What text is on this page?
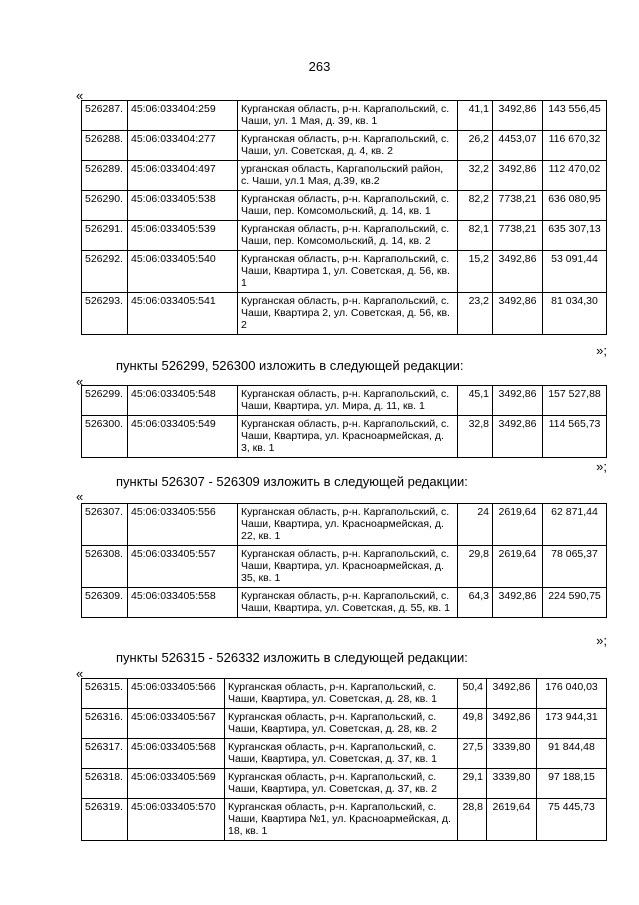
263
«
526287.	45:06:033404:259	Курганская область, р-н. Каргапольский, с. Чаши, ул. 1 Мая, д. 39, кв. 1	41,1	3492,86	143 556,45
526288.	45:06:033404:277	Курганская область, р-н. Каргапольский, с. Чаши, ул. Советская, д. 4, кв. 2	26,2	4453,07	116 670,32
526289.	45:06:033404:497	урганская область, Каргапольский район, с. Чаши, ул.1 Мая, д.39, кв.2	32,2	3492,86	112 470,02
526290.	45:06:033405:538	Курганская область, р-н. Каргапольский, с. Чаши, пер. Комсомольский, д. 14, кв. 1	82,2	7738,21	636 080,95
526291.	45:06:033405:539	Курганская область, р-н. Каргапольский, с. Чаши, пер. Комсомольский, д. 14, кв. 2	82,1	7738,21	635 307,13
526292.	45:06:033405:540	Курганская область, р-н. Каргапольский, с. Чаши, Квартира 1, ул. Советская, д. 56, кв. 1	15,2	3492,86	53 091,44
526293.	45:06:033405:541	Курганская область, р-н. Каргапольский, с. Чаши, Квартира 2, ул. Советская, д. 56, кв. 2	23,2	3492,86	81 034,30
»;
пункты 526299, 526300 изложить в следующей редакции:
«
526299.	45:06:033405:548	Курганская область, р-н. Каргапольский, с. Чаши, Квартира, ул. Мира, д. 11, кв. 1	45,1	3492,86	157 527,88
526300.	45:06:033405:549	Курганская область, р-н. Каргапольский, с. Чаши, Квартира, ул. Красноармейская, д. 3, кв. 1	32,8	3492,86	114 565,73
»;
пункты 526307 - 526309 изложить в следующей редакции:
«
526307.	45:06:033405:556	Курганская область, р-н. Каргапольский, с. Чаши, Квартира, ул. Красноармейская, д. 22, кв. 1	24	2619,64	62 871,44
526308.	45:06:033405:557	Курганская область, р-н. Каргапольский, с. Чаши, Квартира, ул. Красноармейская, д. 35, кв. 1	29,8	2619,64	78 065,37
526309.	45:06:033405:558	Курганская область, р-н. Каргапольский, с. Чаши, Квартира, ул. Советская, д. 55, кв. 1	64,3	3492,86	224 590,75
»;
пункты 526315 - 526332 изложить в следующей редакции:
«
526315.	45:06:033405:566	Курганская область, р-н. Каргапольский, с. Чаши, Квартира, ул. Советская, д. 28, кв. 1	50,4	3492,86	176 040,03
526316.	45:06:033405:567	Курганская область, р-н. Каргапольский, с. Чаши, Квартира, ул. Советская, д. 28, кв. 2	49,8	3492,86	173 944,31
526317.	45:06:033405:568	Курганская область, р-н. Каргапольский, с. Чаши, Квартира, ул. Советская, д. 37, кв. 1	27,5	3339,80	91 844,48
526318.	45:06:033405:569	Курганская область, р-н. Каргапольский, с. Чаши, Квартира, ул. Советская, д. 37, кв. 2	29,1	3339,80	97 188,15
526319.	45:06:033405:570	Курганская область, р-н. Каргапольский, с. Чаши, Квартира №1, ул. Красноармейская, д. 18, кв. 1	28,8	2619,64	75 445,73
